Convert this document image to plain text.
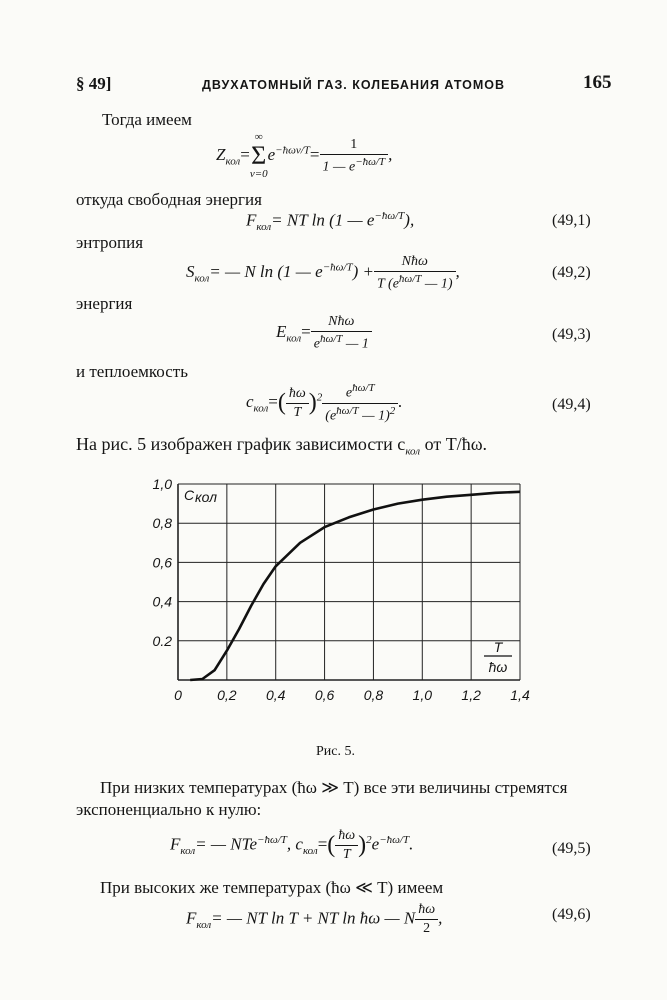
§ 49]	ДВУХАТОМНЫЙ ГАЗ. КОЛЕБАНИЯ АТОМОВ	165
Тогда имеем
$Z_{кол}=$
∞
Σ
v=0
$e^{-ħ\omega v/T}= \frac{1}{1 — e^{-ħ\omega/T}}$ ,
откуда свободная энергия
$F_{кол}=$ NT ln (1 — $e^{-ħ\omega/T}$),	(49,1)
энтропия
$S_{кол}=$ — N ln (1 — $e^{-ħ\omega/T}) + \frac{\text{Nħω}}{T (e^{ħ\omega/T} — 1)}$ ,	(49,2)
энергия
$E_{кол}= \frac{\text{Nħω}}{e^{ħ\omega/T} — 1}$	(49,3)
и теплоемкость
$c_{кол}=( \frac{ħ\omega}{T} )^2 \frac{e^{ħ\omega/T}}{(e^{ħ\omega/T} — 1)^2}$ .	(49,4)
На рис. 5 изображен график зависимости $c_{кол}$ от T/ħω.
0	0,2 0,4 0,6 0,8 1,0 1,2 1,4
0.2
0,4
0,6
0,8
1,0
C кол
T
ħω
Рис. 5.
При низких температурах (ħω ≫ T) все эти величины стремятся
экспоненциально к нулю:
$F_{кол}=$ — NTe$^{-ħ\omega/T}$, $c_{кол}=( \frac{ħ\omega}{T} )^2e^{-ħ\omega/T}$.	(49,5)
При высоких же температурах (ħω ≪ T) имеем
$F_{кол}=$ — NT ln T + NT ln ħω — N $\frac{ħ\omega}{2}$ ,	(49,6)
